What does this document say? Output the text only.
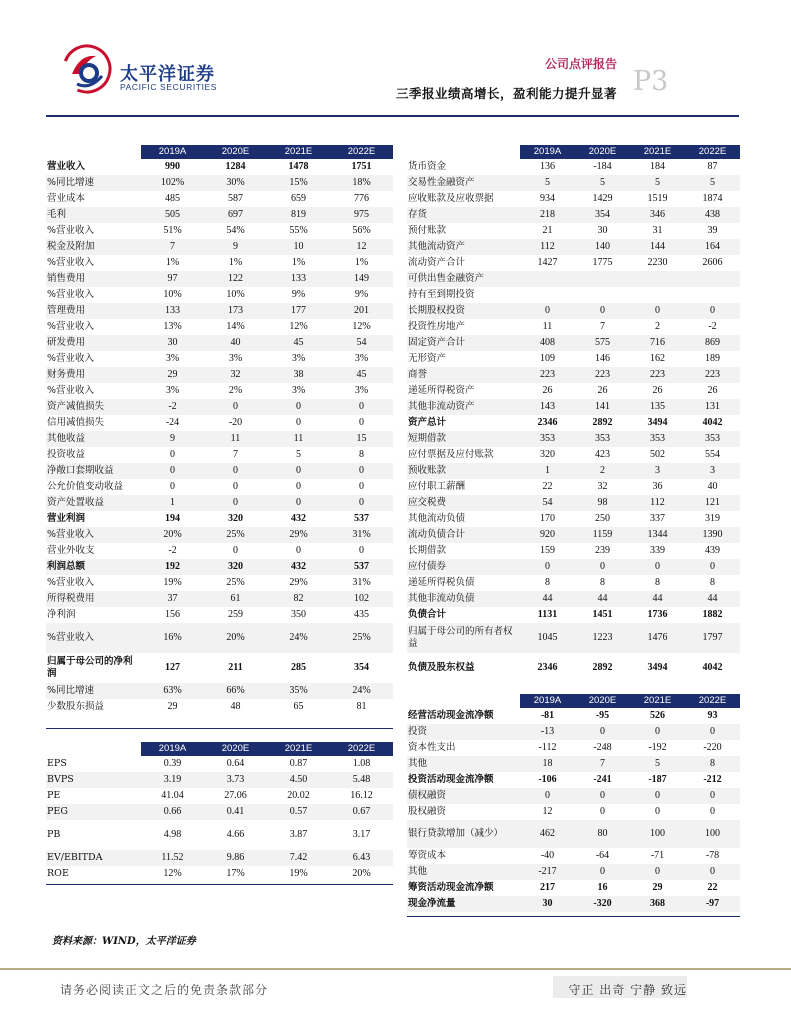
太平洋证券
PACIFIC SECURITIES
公司点评报告
三季报业绩高增长，盈利能力提升显著 P3
	2019A	2020E	2021E	2022E
营业收入	990	1284	1478	1751
%同比增速	102%	30%	15%	18%
营业成本	485	587	659	776
毛利	505	697	819	975
%营业收入	51%	54%	55%	56%
税金及附加	7	9	10	12
%营业收入	1%	1%	1%	1%
销售费用	97	122	133	149
%营业收入	10%	10%	9%	9%
管理费用	133	173	177	201
%营业收入	13%	14%	12%	12%
研发费用	30	40	45	54
%营业收入	3%	3%	3%	3%
财务费用	29	32	38	45
%营业收入	3%	2%	3%	3%
资产减值损失	-2	0	0	0
信用减值损失	-24	-20	0	0
其他收益	9	11	11	15
投资收益	0	7	5	8
净敞口套期收益	0	0	0	0
公允价值变动收益	0	0	0	0
资产处置收益	1	0	0	0
营业利润	194	320	432	537
%营业收入	20%	25%	29%	31%
营业外收支	-2	0	0	0
利润总额	192	320	432	537
%营业收入	19%	25%	29%	31%
所得税费用	37	61	82	102
净利润	156	259	350	435
%营业收入	16%	20%	24%	25%
归属于母公司的净利润	127	211	285	354
%同比增速	63%	66%	35%	24%
少数股东损益	29	48	65	81
	2019A	2020E	2021E	2022E
EPS	0.39	0.64	0.87	1.08
BVPS	3.19	3.73	4.50	5.48
PE	41.04	27.06	20.02	16.12
PEG	0.66	0.41	0.57	0.67
PB	4.98	4.66	3.87	3.17
EV/EBITDA	11.52	9.86	7.42	6.43
ROE	12%	17%	19%	20%
	2019A	2020E	2021E	2022E
货币资金	136	-184	184	87
交易性金融资产	5	5	5	5
应收账款及应收票据	934	1429	1519	1874
存货	218	354	346	438
预付账款	21	30	31	39
其他流动资产	112	140	144	164
流动资产合计	1427	1775	2230	2606
可供出售金融资产				
持有至到期投资				
长期股权投资	0	0	0	0
投资性房地产	11	7	2	-2
固定资产合计	408	575	716	869
无形资产	109	146	162	189
商誉	223	223	223	223
递延所得税资产	26	26	26	26
其他非流动资产	143	141	135	131
资产总计	2346	2892	3494	4042
短期借款	353	353	353	353
应付票据及应付账款	320	423	502	554
预收账款	1	2	3	3
应付职工薪酬	22	32	36	40
应交税费	54	98	112	121
其他流动负债	170	250	337	319
流动负债合计	920	1159	1344	1390
长期借款	159	239	339	439
应付债券	0	0	0	0
递延所得税负债	8	8	8	8
其他非流动负债	44	44	44	44
负债合计	1131	1451	1736	1882
归属于母公司的所有者权益	1045	1223	1476	1797
负债及股东权益	2346	2892	3494	4042
	2019A	2020E	2021E	2022E
经营活动现金流净额	-81	-95	526	93
投资	-13	0	0	0
资本性支出	-112	-248	-192	-220
其他	18	7	5	8
投资活动现金流净额	-106	-241	-187	-212
债权融资	0	0	0	0
股权融资	12	0	0	0
银行贷款增加（减少）	462	80	100	100
筹资成本	-40	-64	-71	-78
其他	-217	0	0	0
筹资活动现金流净额	217	16	29	22
现金净流量	30	-320	368	-97
资料来源：WIND，太平洋证券
请务必阅读正文之后的免责条款部分	守正 出奇 宁静 致远
